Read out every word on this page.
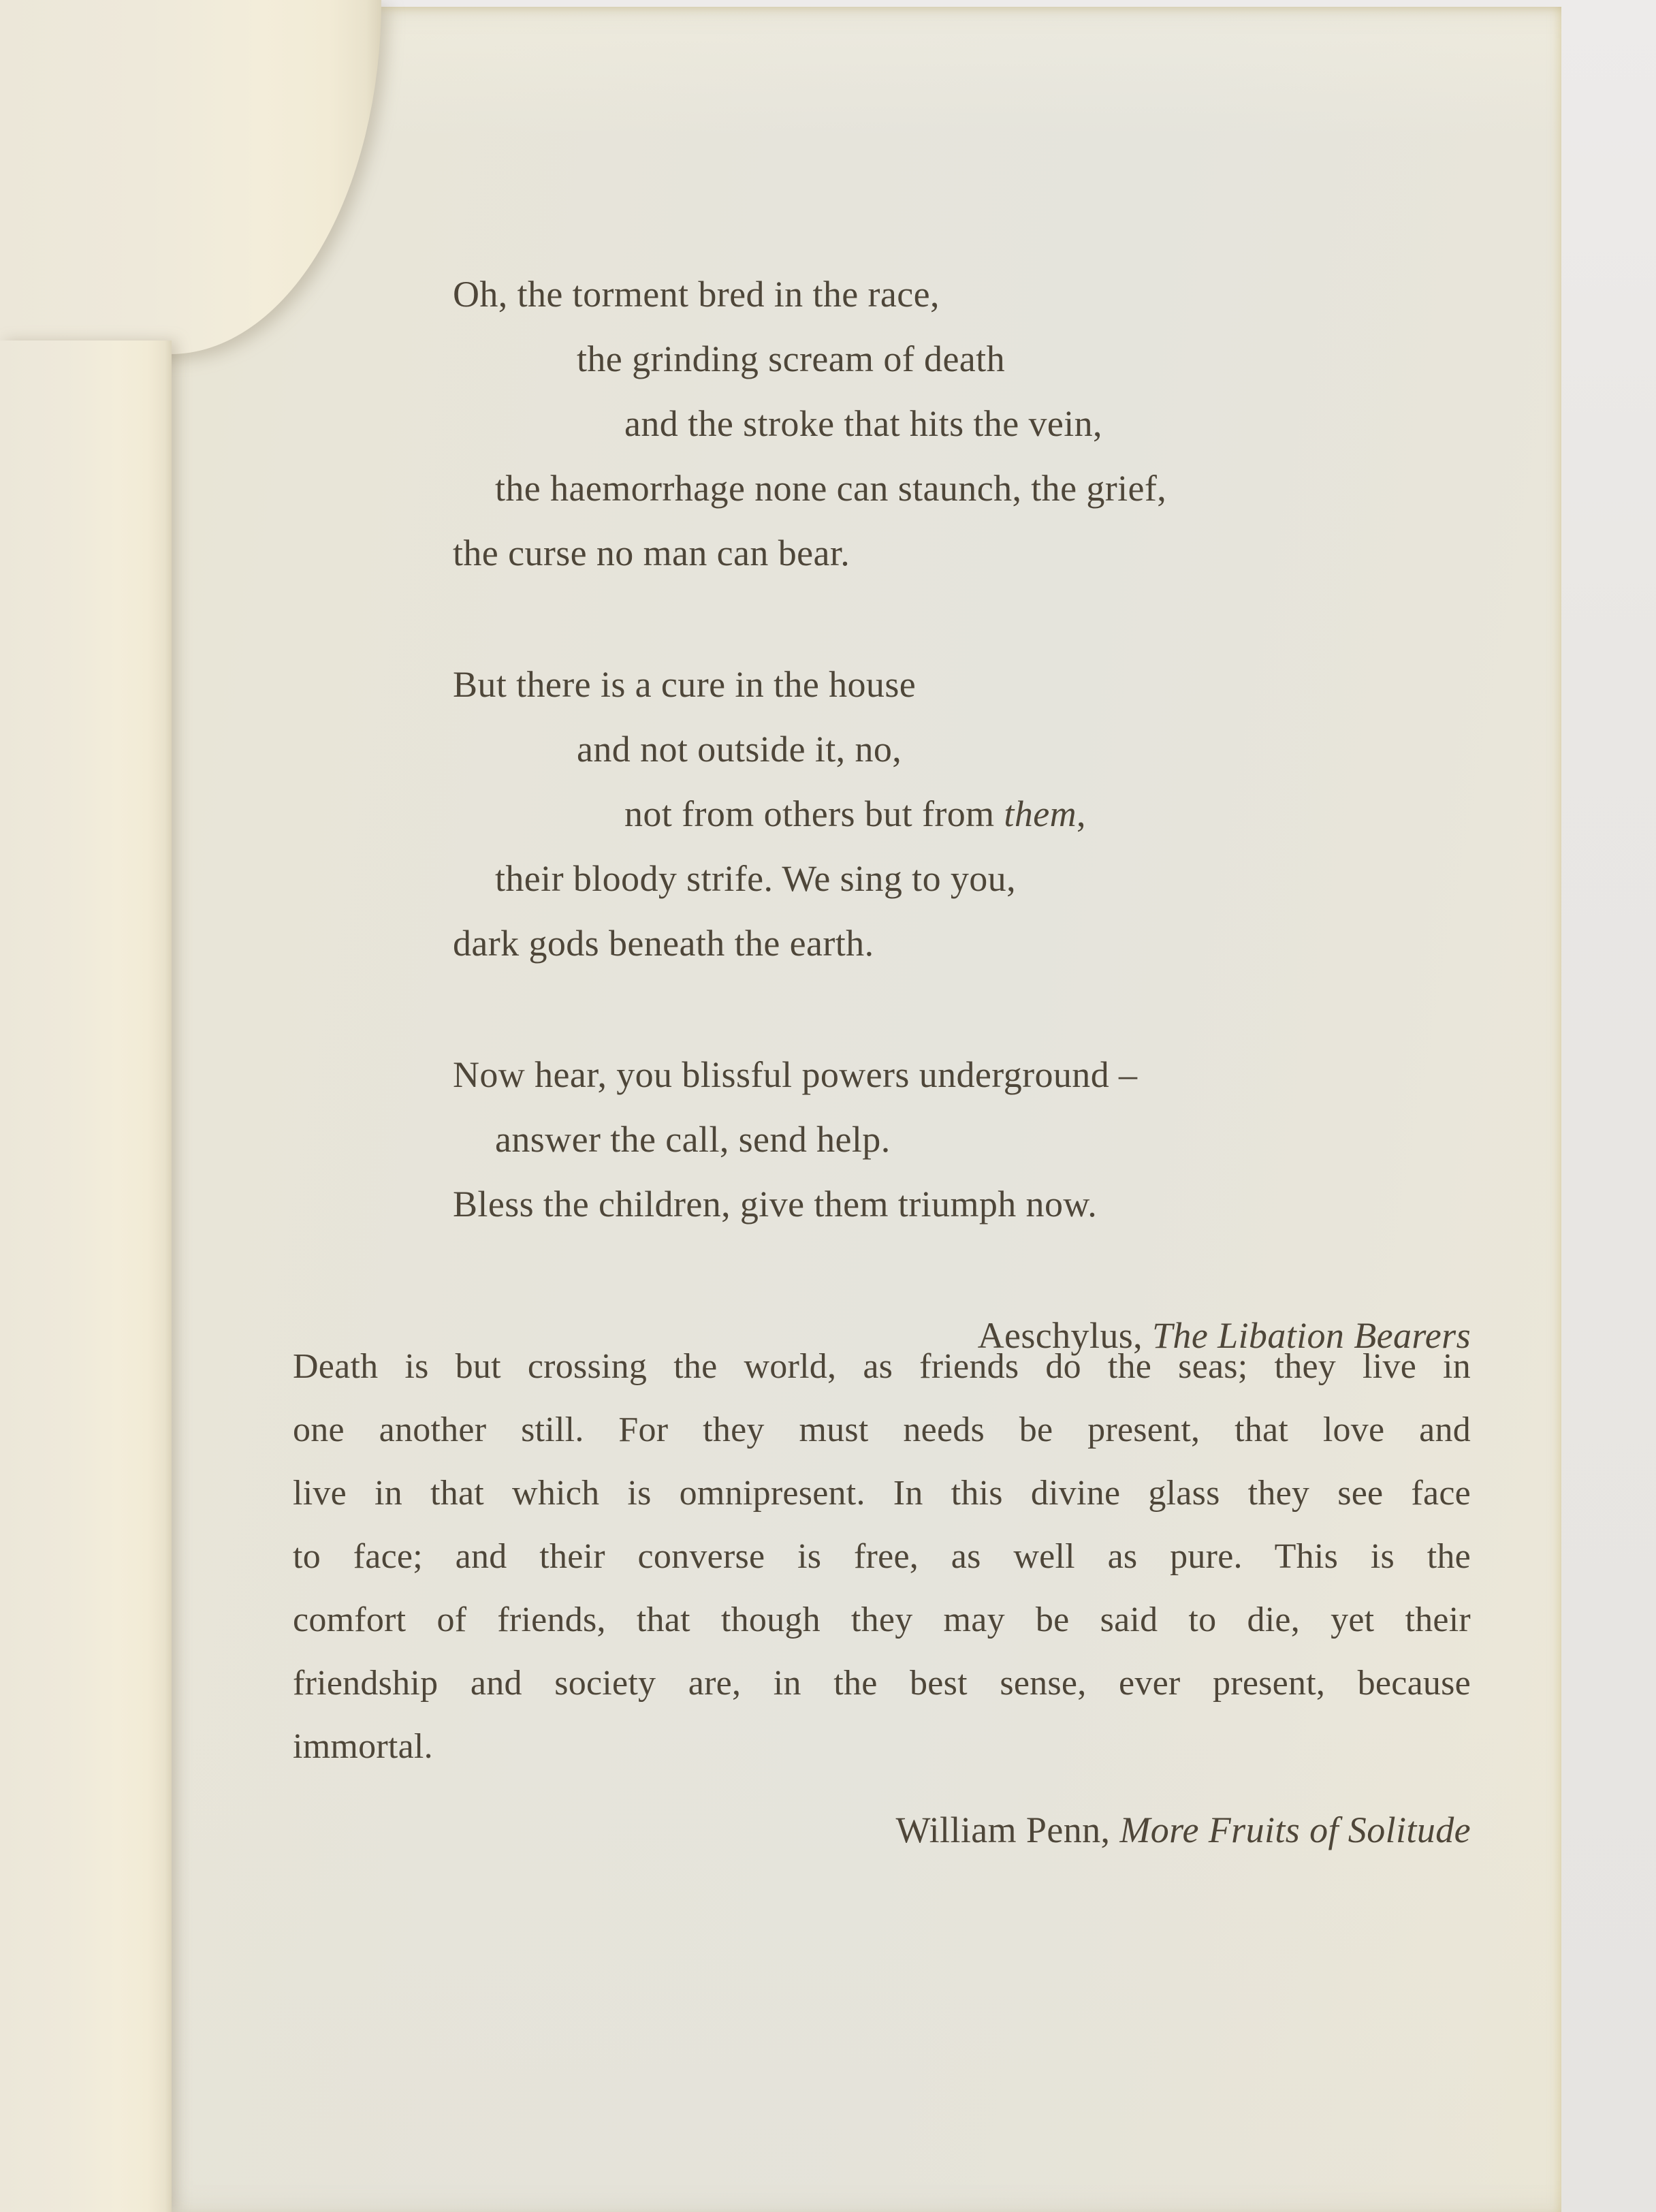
Oh, the torment bred in the race,
the grinding scream of death
and the stroke that hits the vein,
the haemorrhage none can staunch, the grief,
the curse no man can bear.
But there is a cure in the house
and not outside it, no,
not from others but from them,
their bloody strife. We sing to you,
dark gods beneath the earth.
Now hear, you blissful powers underground –
answer the call, send help.
Bless the children, give them triumph now.
Aeschylus, The Libation Bearers
Death is but crossing the world, as friends do the seas; they live in
one another still. For they must needs be present, that love and
live in that which is omnipresent. In this divine glass they see face
to face; and their converse is free, as well as pure. This is the
comfort of friends, that though they may be said to die, yet their
friendship and society are, in the best sense, ever present, because
immortal.
William Penn, More Fruits of Solitude
